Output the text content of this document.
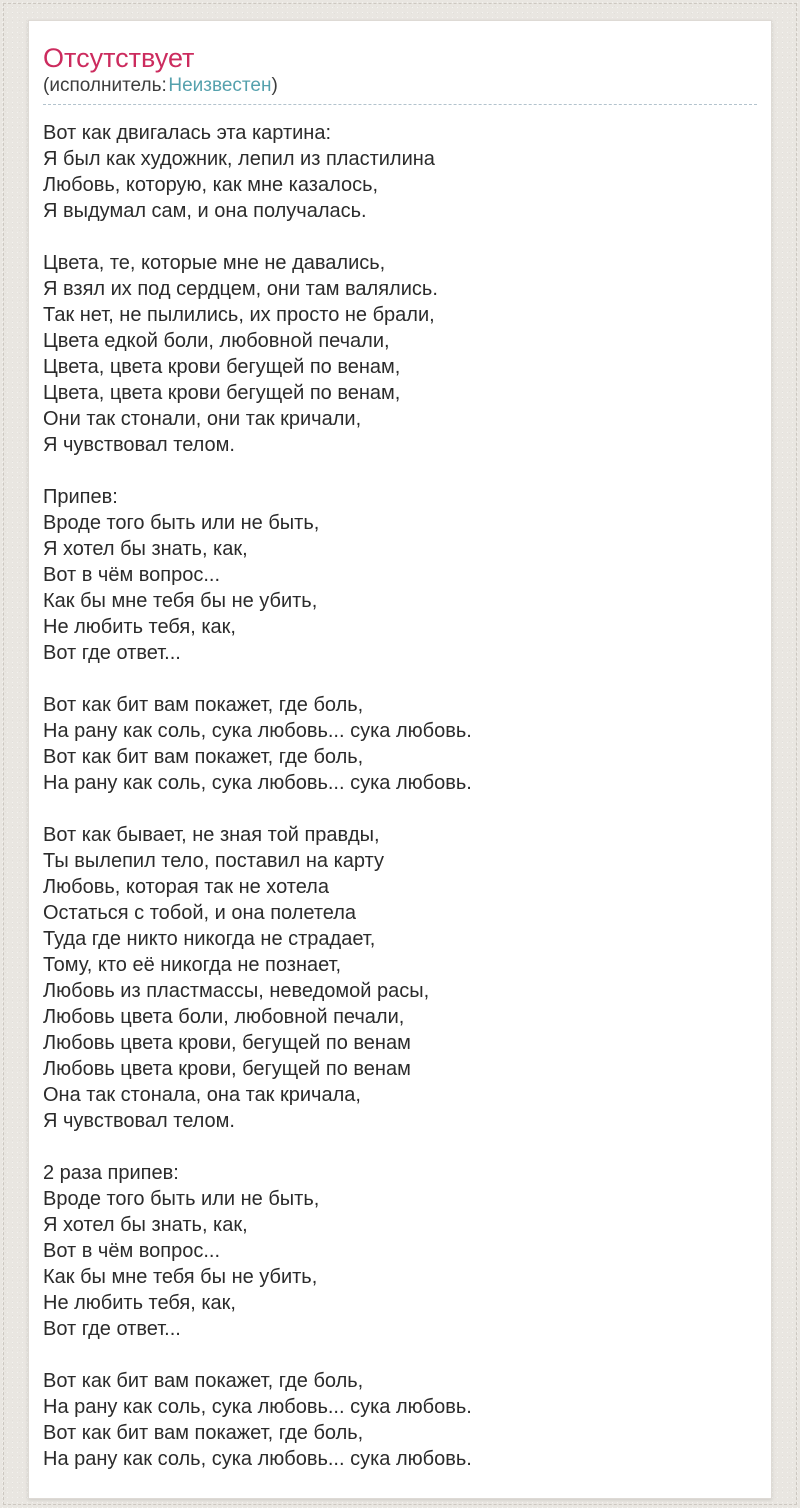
Отсутствует
(исполнитель: Неизвестен)

Вот как двигалась эта картина:
Я был как художник, лепил из пластилина
Любовь, которую, как мне казалось,
Я выдумал сам, и она получалась.

Цвета, те, которые мне не давались,
Я взял их под сердцем, они там валялись.
Так нет, не пылились, их просто не брали,
Цвета едкой боли, любовной печали,
Цвета, цвета крови бегущей по венам,
Цвета, цвета крови бегущей по венам,
Они так стонали, они так кричали,
Я чувствовал телом.

Припев:
Вроде того быть или не быть,
Я хотел бы знать, как,
Вот в чём вопрос...
Как бы мне тебя бы не убить,
Не любить тебя, как,
Вот где ответ...

Вот как бит вам покажет, где боль,
На рану как соль, сука любовь... сука любовь.
Вот как бит вам покажет, где боль,
На рану как соль, сука любовь... сука любовь.

Вот как бывает, не зная той правды,
Ты вылепил тело, поставил на карту
Любовь, которая так не хотела
Остаться с тобой, и она полетела
Туда где никто никогда не страдает,
Тому, кто её никогда не познает,
Любовь из пластмассы, неведомой расы,
Любовь цвета боли, любовной печали,
Любовь цвета крови, бегущей по венам
Любовь цвета крови, бегущей по венам
Она так стонала, она так кричала,
Я чувствовал телом.

2 раза припев:
Вроде того быть или не быть,
Я хотел бы знать, как,
Вот в чём вопрос...
Как бы мне тебя бы не убить,
Не любить тебя, как,
Вот где ответ...

Вот как бит вам покажет, где боль,
На рану как соль, сука любовь... сука любовь.
Вот как бит вам покажет, где боль,
На рану как соль, сука любовь... сука любовь.
